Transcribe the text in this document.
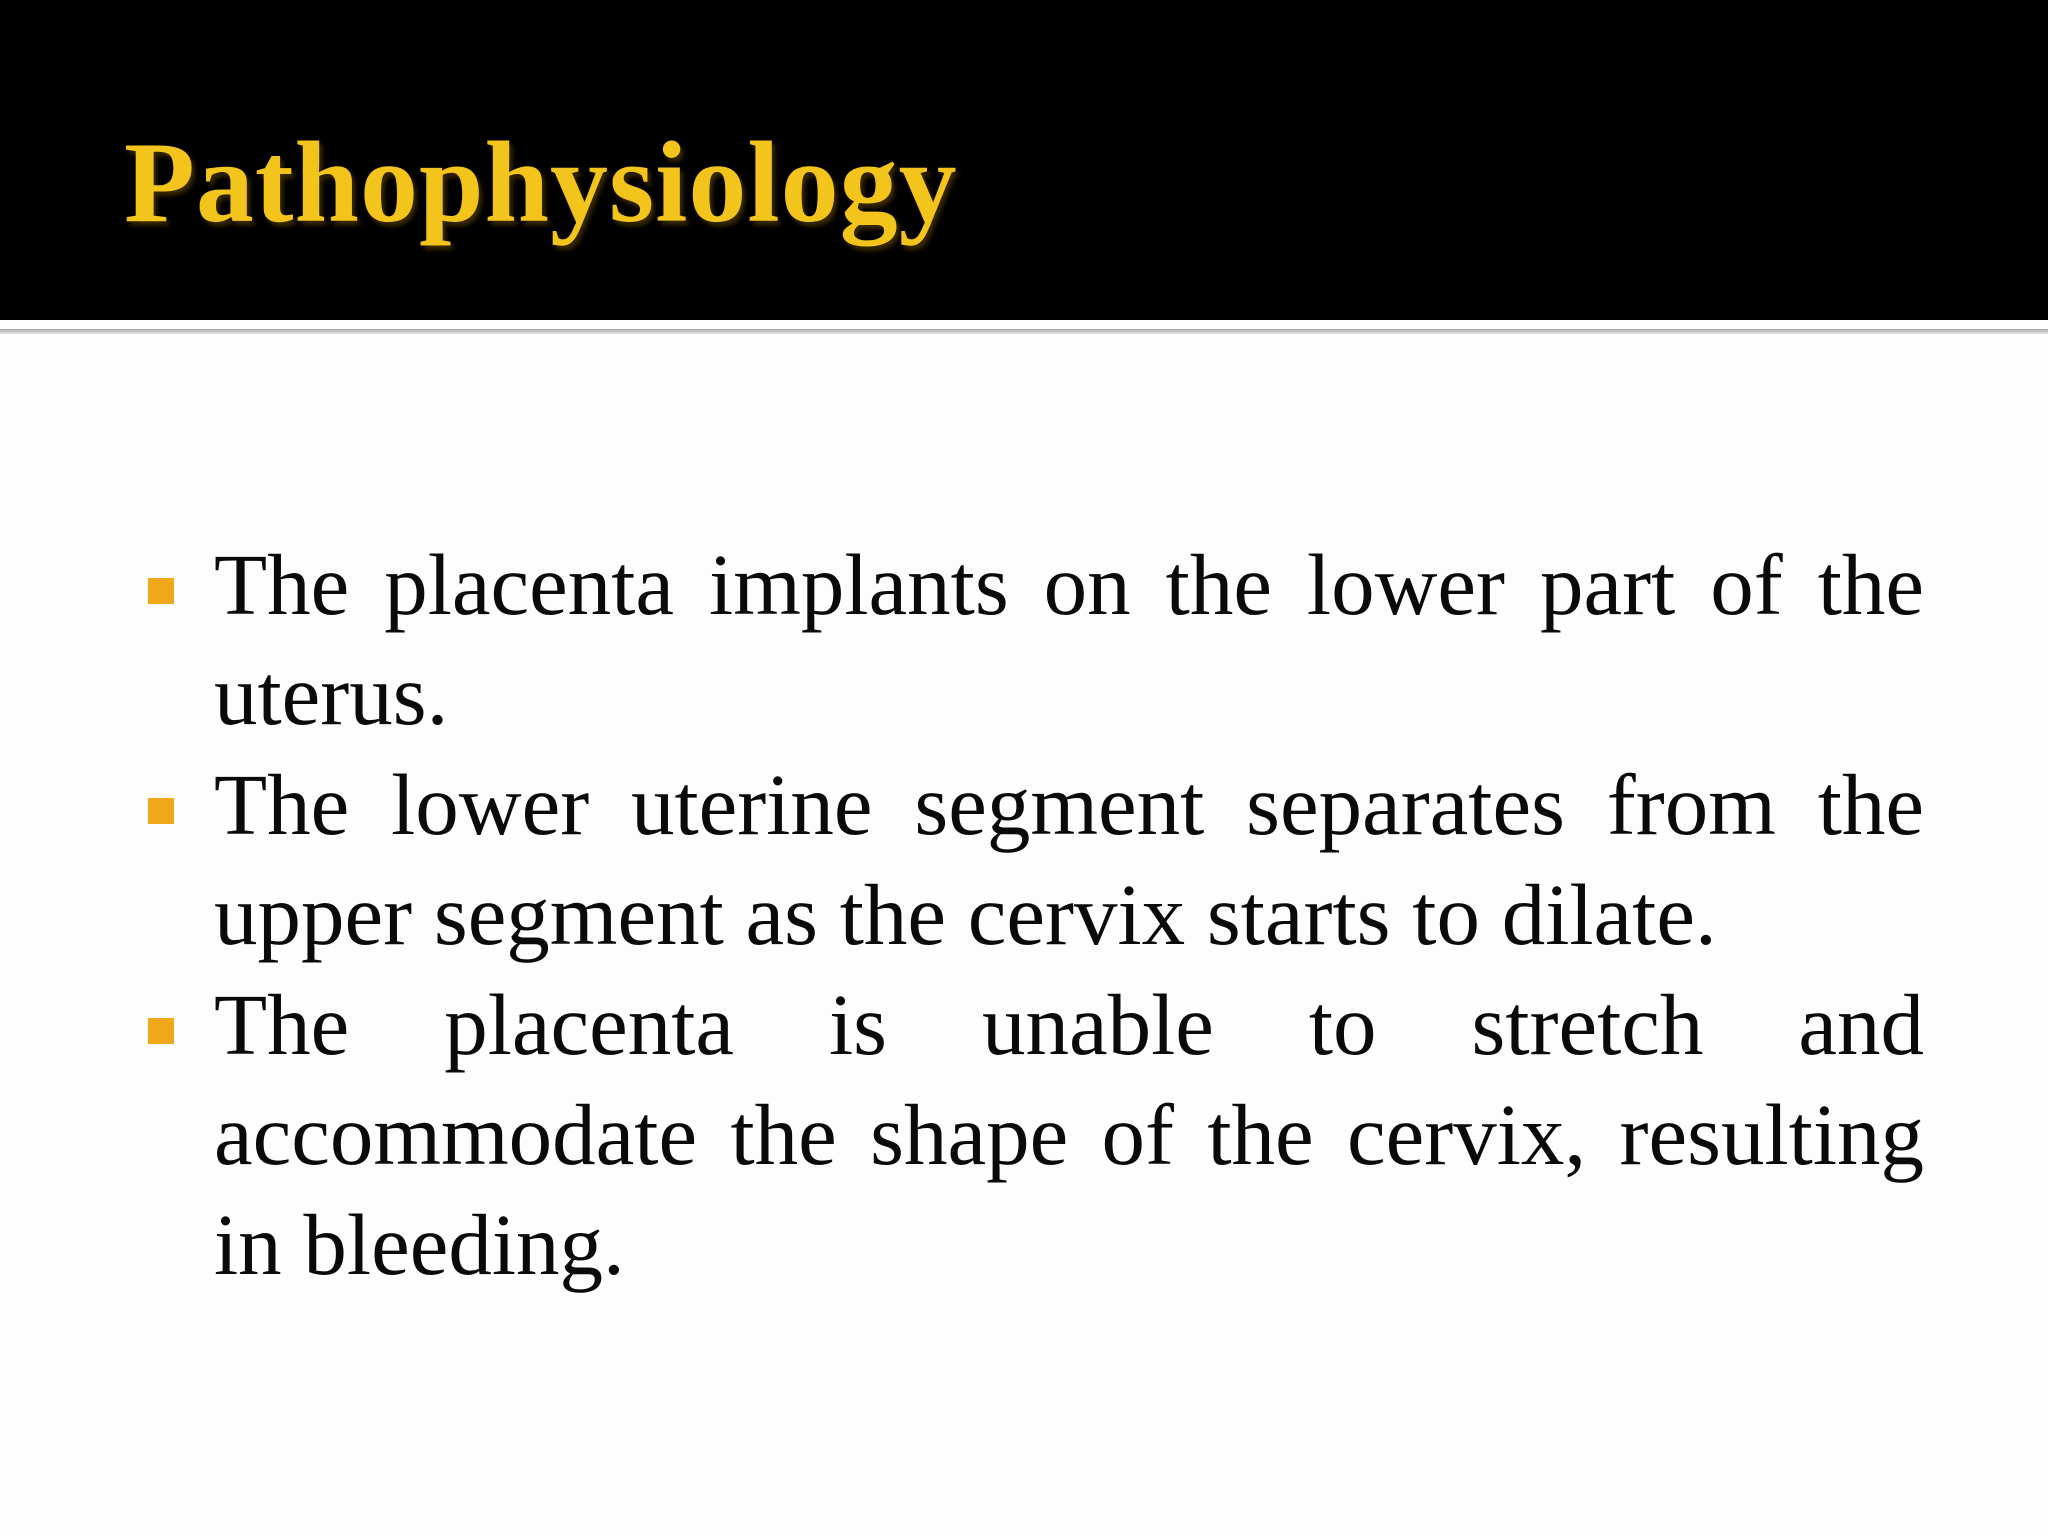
Pathophysiology
The placenta implants on the lower part of the uterus.
The lower uterine segment separates from the upper segment as the cervix starts to dilate.
The placenta is unable to stretch and accommodate the shape of the cervix, resulting in bleeding.
